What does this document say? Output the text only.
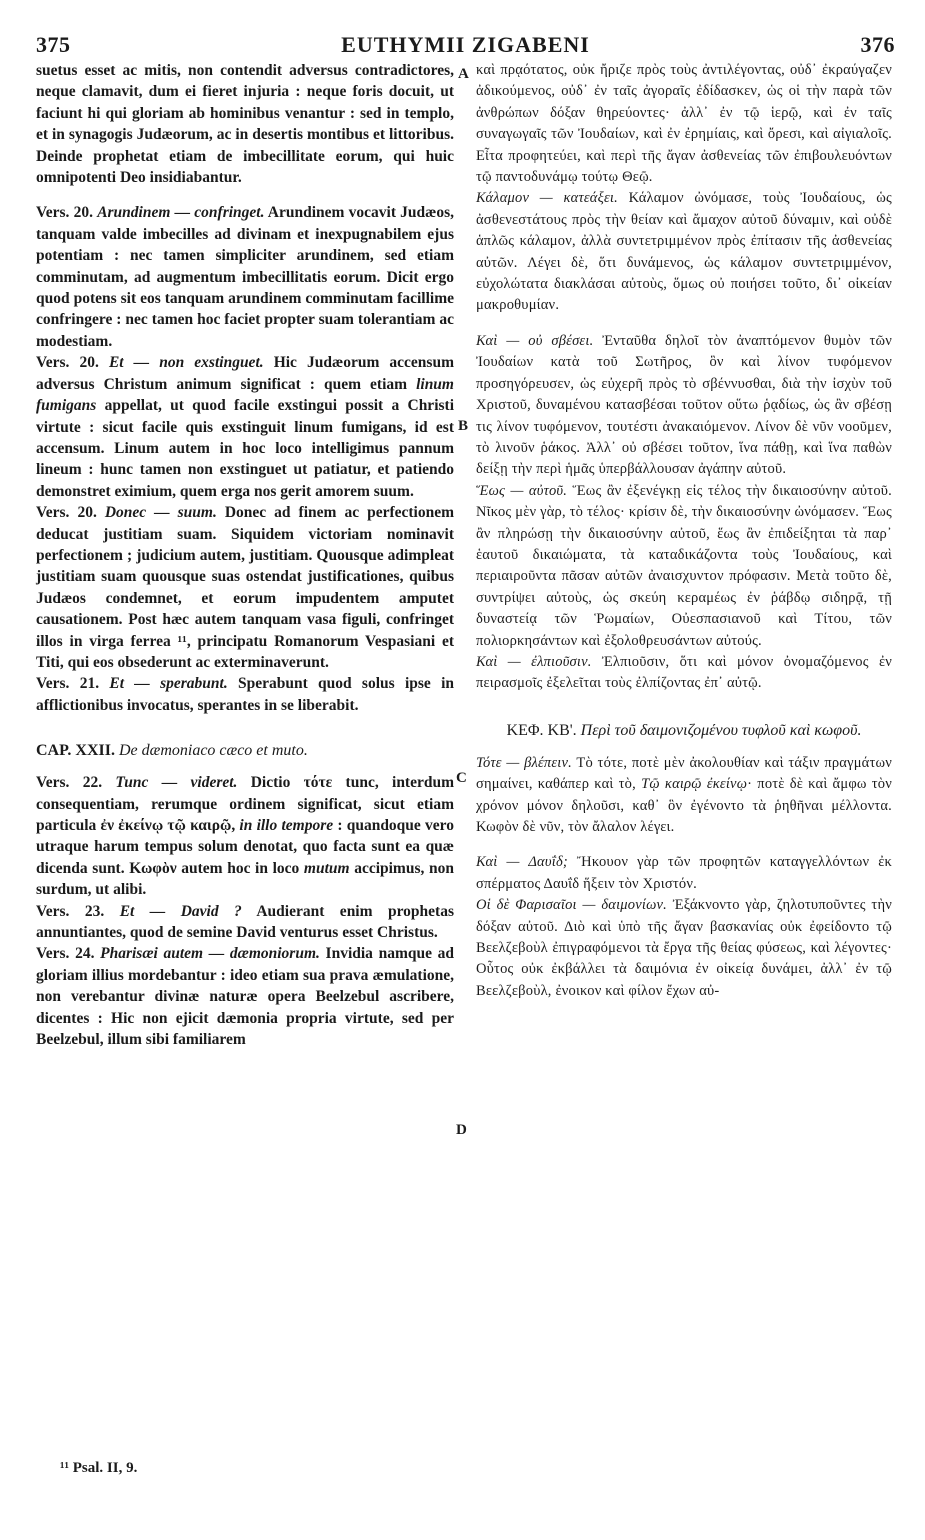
375	EUTHYMII ZIGABENI	376
A
B
C
D

suetus esset ac mitis, non contendit adversus contradictores, neque clamavit, dum ei fieret injuria : neque foris docuit, ut faciunt hi qui gloriam ab hominibus venantur : sed in templo, et in synagogis Judæorum, ac in desertis montibus et littoribus. Deinde prophetat etiam de imbecillitate eorum, qui huic omnipotenti Deo insidiabantur.

Vers. 20. Arundinem — confringet. Arundinem vocavit Judæos, tanquam valde imbecilles ad divinam et inexpugnabilem ejus potentiam : nec tamen simpliciter arundinem, sed etiam comminutam, ad augmentum imbecillitatis eorum. Dicit ergo quod potens sit eos tanquam arundinem comminutam facillime confringere : nec tamen hoc faciet propter suam tolerantiam ac modestiam.

Vers. 20. Et — non exstinguet. Hic Judæorum accensum adversus Christum animum significat : quem etiam linum fumigans appellat, ut quod facile exstingui possit a Christi virtute : sicut facile quis exstinguit linum fumigans, id est accensum. Linum autem in hoc loco intelligimus pannum lineum : hunc tamen non exstinguet ut patiatur, et patiendo demonstret eximium, quem erga nos gerit amorem suum.

Vers. 20. Donec — suum. Donec ad finem ac perfectionem deducat justitiam suam. Siquidem victoriam nominavit perfectionem ; judicium autem, justitiam. Quousque adimpleat justitiam suam quousque suas ostendat justificationes, quibus Judæos condemnet, et eorum impudentem amputet causationem. Post hæc autem tanquam vasa figuli, confringet illos in virga ferrea ¹¹, principatu Romanorum Vespasiani et Titi, qui eos obsederunt ac exterminaverunt.

Vers. 21. Et — sperabunt. Sperabunt quod solus ipse in afflictionibus invocatus, sperantes in se liberabit.

CAP. XXII. De dæmoniaco cæco et muto.

Vers. 22. Tunc — videret. Dictio τότε tunc, interdum consequentiam, rerumque ordinem significat, sicut etiam particula ἐν ἐκείνῳ τῷ καιρῷ, in illo tempore : quandoque vero utraque harum tempus solum denotat, quo facta sunt ea quæ dicenda sunt. Κωφὸν autem hoc in loco mutum accipimus, non surdum, ut alibi.

Vers. 23. Et — David ? Audierant enim prophetas annuntiantes, quod de semine David venturus esset Christus.

Vers. 24. Pharisæi autem — dæmoniorum. Invidia namque ad gloriam illius mordebantur : ideo etiam sua prava æmulatione, non verebantur divinæ naturæ opera Beelzebul ascribere, dicentes : Hic non ejicit dæmonia propria virtute, sed per Beelzebul, illum sibi familiarem

καὶ πρᾳότατος, οὐκ ἤριζε πρὸς τοὺς ἀντιλέγοντας, οὐδ᾽ ἐκραύγαζεν ἀδικούμενος, οὐδ᾽ ἐν ταῖς ἀγοραῖς ἐδίδασκεν, ὡς οἱ τὴν παρὰ τῶν ἀνθρώπων δόξαν θηρεύοντες· ἀλλ᾽ ἐν τῷ ἱερῷ, καὶ ἐν ταῖς συναγωγαῖς τῶν Ἰουδαίων, καὶ ἐν ἐρημίαις, καὶ ὄρεσι, καὶ αἰγιαλοῖς. Εἶτα προφητεύει, καὶ περὶ τῆς ἄγαν ἀσθενείας τῶν ἐπιβουλευόντων τῷ παντοδυνάμῳ τούτῳ Θεῷ.

Κάλαμον — κατεάξει. Κάλαμον ὠνόμασε, τοὺς Ἰουδαίους, ὡς ἀσθενεστάτους πρὸς τὴν θείαν καὶ ἄμαχον αὐτοῦ δύναμιν, καὶ οὐδὲ ἁπλῶς κάλαμον, ἀλλὰ συντετριμμένον πρὸς ἐπίτασιν τῆς ἀσθενείας αὐτῶν. Λέγει δὲ, ὅτι δυνάμενος, ὡς κάλαμον συντετριμμένον, εὐχολώτατα διακλάσαι αὐτοὺς, ὅμως οὐ ποιήσει τοῦτο, δι᾽ οἰκείαν μακροθυμίαν.

Καὶ — οὐ σβέσει. Ἐνταῦθα δηλοῖ τὸν ἀναπτόμενον θυμὸν τῶν Ἰουδαίων κατὰ τοῦ Σωτῆρος, ὃν καὶ λίνον τυφόμενον προσηγόρευσεν, ὡς εὐχερῆ πρὸς τὸ σβέννυσθαι, διὰ τὴν ἰσχὺν τοῦ Χριστοῦ, δυναμένου κατασβέσαι τοῦτον οὕτω ῥᾳδίως, ὡς ἂν σβέσῃ τις λίνον τυφόμενον, τουτέστι ἀνακαιόμενον. Λίνον δὲ νῦν νοοῦμεν, τὸ λινοῦν ῥάκος. Ἀλλ᾽ οὐ σβέσει τοῦτον, ἵνα πάθῃ, καὶ ἵνα παθὼν δείξῃ τὴν περὶ ἡμᾶς ὑπερβάλλουσαν ἀγάπην αὐτοῦ.

Ἕως — αὐτοῦ. Ἕως ἂν ἐξενέγκῃ εἰς τέλος τὴν δικαιοσύνην αὐτοῦ. Νῖκος μὲν γὰρ, τὸ τέλος· κρίσιν δὲ, τὴν δικαιοσύνην ὠνόμασεν. Ἕως ἂν πληρώσῃ τὴν δικαιοσύνην αὐτοῦ, ἕως ἂν ἐπιδείξηται τὰ παρ᾽ ἑαυτοῦ δικαιώματα, τὰ καταδικάζοντα τοὺς Ἰουδαίους, καὶ περιαιροῦντα πᾶσαν αὐτῶν ἀναισχυντον πρόφασιν. Μετὰ τοῦτο δὲ, συντρίψει αὐτοὺς, ὡς σκεύη κεραμέως ἐν ῥάβδῳ σιδηρᾷ, τῇ δυναστείᾳ τῶν Ῥωμαίων, Οὐεσπασιανοῦ καὶ Τίτου, τῶν πολιορκησάντων καὶ ἐξολοθρευσάντων αὐτούς.

Καὶ — ἐλπιοῦσιν. Ἐλπιοῦσιν, ὅτι καὶ μόνον ὀνομαζόμενος ἐν πειρασμοῖς ἐξελεῖται τοὺς ἐλπίζοντας ἐπ᾽ αὐτῷ.

ΚΕΦ. ΚΒ'. Περὶ τοῦ δαιμονιζομένου τυφλοῦ καὶ κωφοῦ.

Τότε — βλέπειν. Τὸ τότε, ποτὲ μὲν ἀκολουθίαν καὶ τάξιν πραγμάτων σημαίνει, καθάπερ καὶ τὸ, Τῷ καιρῷ ἐκείνῳ· ποτὲ δὲ καὶ ἄμφω τὸν χρόνον μόνον δηλοῦσι, καθ᾽ ὃν ἐγένοντο τὰ ῥηθῆναι μέλλοντα. Κωφὸν δὲ νῦν, τὸν ἄλαλον λέγει.

Καὶ — Δαυΐδ; Ἤκουον γὰρ τῶν προφητῶν καταγγελλόντων ἐκ σπέρματος Δαυΐδ ἥξειν τὸν Χριστόν.

Οἱ δὲ Φαρισαῖοι — δαιμονίων. Ἐξάκνοντο γὰρ, ζηλοτυποῦντες τὴν δόξαν αὐτοῦ. Διὸ καὶ ὑπὸ τῆς ἄγαν βασκανίας οὐκ ἐφείδοντο τῷ Βεελζεβοὺλ ἐπιγραφόμενοι τὰ ἔργα τῆς θείας φύσεως, καὶ λέγοντες· Οὗτος οὐκ ἐκβάλλει τὰ δαιμόνια ἐν οἰκείᾳ δυνάμει, ἀλλ᾽ ἐν τῷ Βεελζεβοὺλ, ἐνοικον καὶ φίλον ἔχων αὐ-

¹¹ Psal. II, 9.
